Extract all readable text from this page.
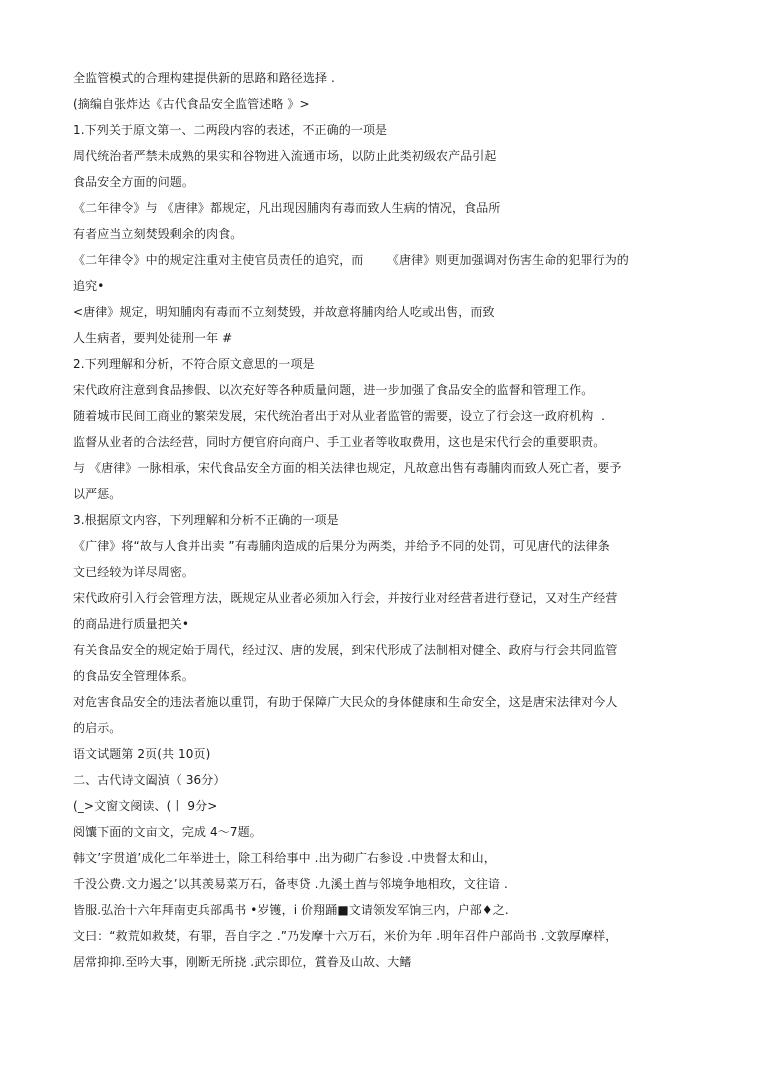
全监管模式的合理构建提供新的思路和路径选择 .
(摘编自张炸达《古代食品安全监管述略 》>
1.下列关于原文第一、二两段内容的表述，不正确的一项是
周代统治者严禁未成熟的果实和谷物进入流通市场，以防止此类初级农产品引起
食品安全方面的问题。
《二年律令》与 《唐律》都规定，凡出现因脯肉有毒而致人生病的情况，食品所
有者应当立刻焚毁剩余的肉食。
《二年律令》中的规定注重对主使官员责任的追究，而      《唐律》则更加强调对伤害生命的犯罪行为的
追究•
<唐律》规定，明知脯肉有毒而不立刻焚毁，并故意将脯肉给人吃或出售，而致
人生病者，要判处徒刑一年 #
2.下列理解和分析，不符合原文意思的一项是
宋代政府注意到食品掺假、以次充好等各种质量问题，进一步加强了食品安全的监督和管理工作。
随着城市民间工商业的繁荣发展，宋代统治者出于对从业者监管的需要，设立了行会这一政府机构  .
监督从业者的合法经营，同时方便官府向商户、手工业者等收取费用，这也是宋代行会的重要职责。
与 《唐律》一脉相承，宋代食品安全方面的相关法律也规定，凡故意出售有毒脯肉而致人死亡者，要予
以严惩。
3.根据原文内容，下列理解和分析不正确的一项是
《广律》将“故与人食并出卖 ”有毒脯肉造成的后果分为两类，并给予不同的处罚，可见唐代的法律条
文已经较为详尽周密。
宋代政府引入行会管理方法，既规定从业者必须加入行会，并按行业对经营者进行登记，又对生产经营
的商品进行质量把关•
有关食品安全的规定始于周代，经过汉、唐的发展，到宋代形成了法制相对健全、政府与行会共同监管
的食品安全管理体系。
对危害食品安全的违法者施以重罚，有助于保障广大民众的身体健康和生命安全，这是唐宋法律对今人
的启示。
语文试题第 2页(共 10页)
二、古代诗文阖湞（ 36分）
(_>文窗文阌读、(丨 9分>
阅馕下面的文亩文，完成 4〜7题。
韩文’字贯道’成化二年举进士，除工科给事中 .出为砌广右参设 .中贵督太和山，
千没公费.文力遏之’以其羡易菜万石，备枣贷 .九溪土酋与邻境争地相玫，文往谙 .
皆服.弘治十六年拜南吏兵部禹书 •岁镬，i 价翔踊■文请领发军饷三内，户部♦之.
文曰：“救荒如救焚，有罪，吾自字之 .”乃发摩十六万石，米价为年 .明年召件户部尚书 .文敦厚摩样，
居常抑抑.至吟大事，刚断无所挠 .武宗即位，賞眷及山故、大鳍
